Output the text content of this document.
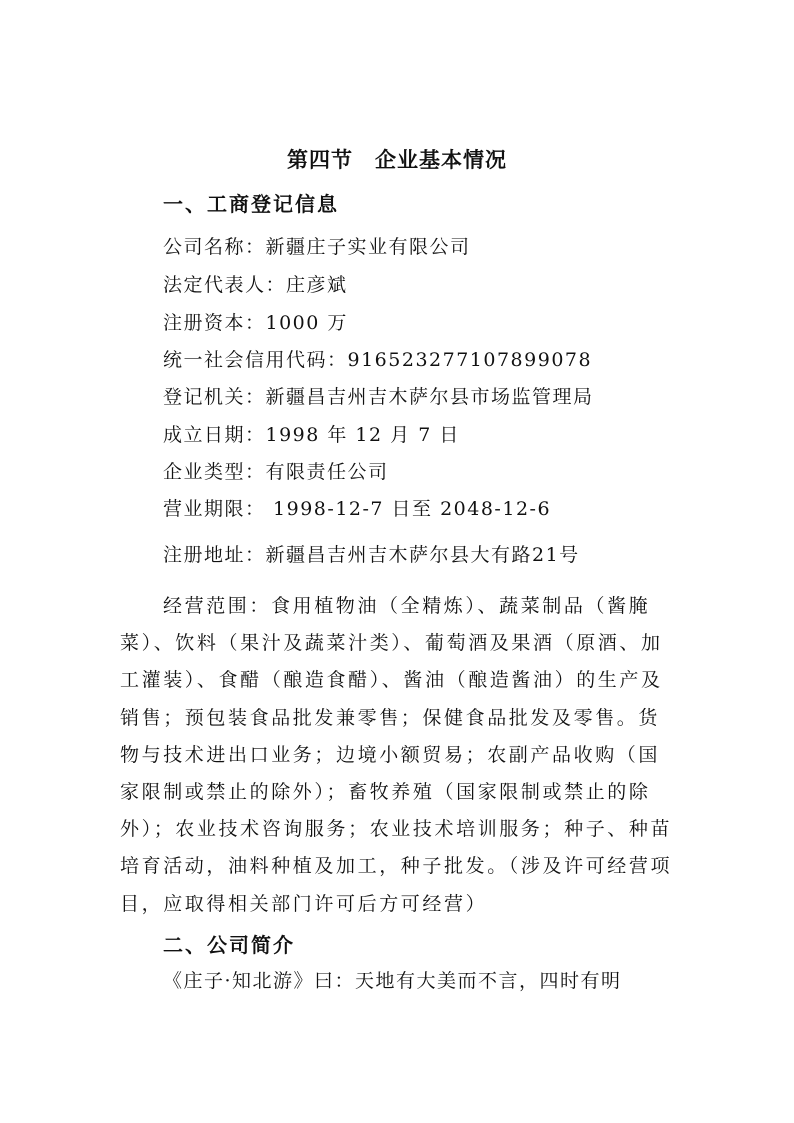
第四节　企业基本情况
一、工商登记信息
公司名称：新疆庄子实业有限公司
法定代表人：庄彦斌
注册资本：1000 万
统一社会信用代码：91652327710789907​8
登记机关：新疆昌吉州吉木萨尔县市场监管理局
成立日期：1998 年 12 月 7 日
企业类型：有限责任公司
营业期限： 1998-12-7 日至 2048-12-6
注册地址：新疆昌吉州吉木萨尔县大有路21号
经营范围：食用植物油（全精炼）、蔬菜制品（酱腌菜）、饮料（果汁及蔬菜汁类）、葡萄酒及果酒（原酒、加工灌装）、食醋（酿造食醋）、酱油（酿造酱油）的生产及销售；预包装食品批发兼零售；保健食品批发及零售。货物与技术进出口业务；边境小额贸易；农副产品收购（国家限制或禁止的除外）；畜牧养殖（国家限制或禁止的除外）；农业技术咨询服务；农业技术培训服务；种子、种苗培育活动，油料种植及加工，种子批发。（涉及许可经营项目，应取得相关部门许可后方可经营）
二、公司简介
《庄子·知北游》曰：天地有大美而不言，四时有明
